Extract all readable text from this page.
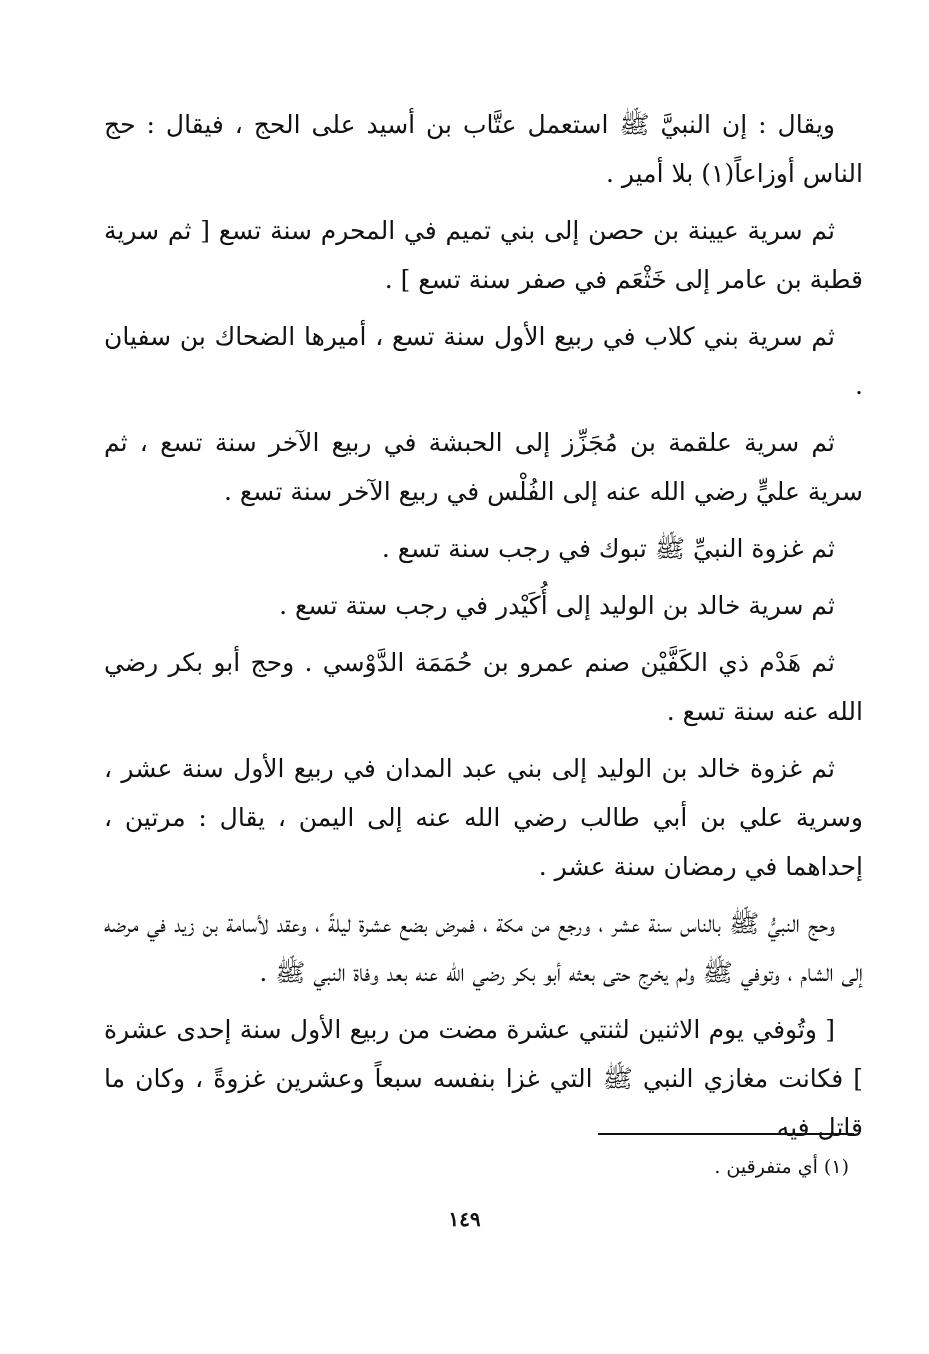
ويقال : إن النبيَّ ﷺ استعمل عتَّاب بن أسيد على الحج ، فيقال : حج الناس أوزاعاً(١) بلا أمير .

ثم سرية عيينة بن حصن إلى بني تميم في المحرم سنة تسع [ ثم سرية قطبة بن عامر إلى خَثْعَم في صفر سنة تسع ] .

ثم سرية بني كلاب في ربيع الأول سنة تسع ، أميرها الضحاك بن سفيان .

ثم سرية علقمة بن مُجَزِّز إلى الحبشة في ربيع الآخر سنة تسع ، ثم سرية عليٍّ رضي الله عنه إلى الفُلْس في ربيع الآخر سنة تسع .

ثم غزوة النبيِّ ﷺ تبوك في رجب سنة تسع .

ثم سرية خالد بن الوليد إلى أُكَيْدر في رجب ستة تسع .

ثم هَدْم ذي الكَفَّيْن صنم عمرو بن حُمَمَة الدَّوْسي . وحج أبو بكر رضي الله عنه سنة تسع .

ثم غزوة خالد بن الوليد إلى بني عبد المدان في ربيع الأول سنة عشر ، وسرية علي بن أبي طالب رضي الله عنه إلى اليمن ، يقال : مرتين ، إحداهما في رمضان سنة عشر .

وحج النبيُّ ﷺ بالناس سنة عشر ، ورجع من مكة ، فمرض بضع عشرة ليلةً ، وعقد لأسامة بن زيد في مرضه إلى الشام ، وتوفي ﷺ ولم يخرج حتى بعثه أبو بكر رضي الله عنه بعد وفاة النبي ﷺ .

[ وتُوفي يوم الاثنين لثنتي عشرة مضت من ربيع الأول سنة إحدى عشرة ] فكانت مغازي النبي ﷺ التي غزا بنفسه سبعاً وعشرين غزوةً ، وكان ما قاتل فيه

(١) أي متفرقين .
١٤٩
